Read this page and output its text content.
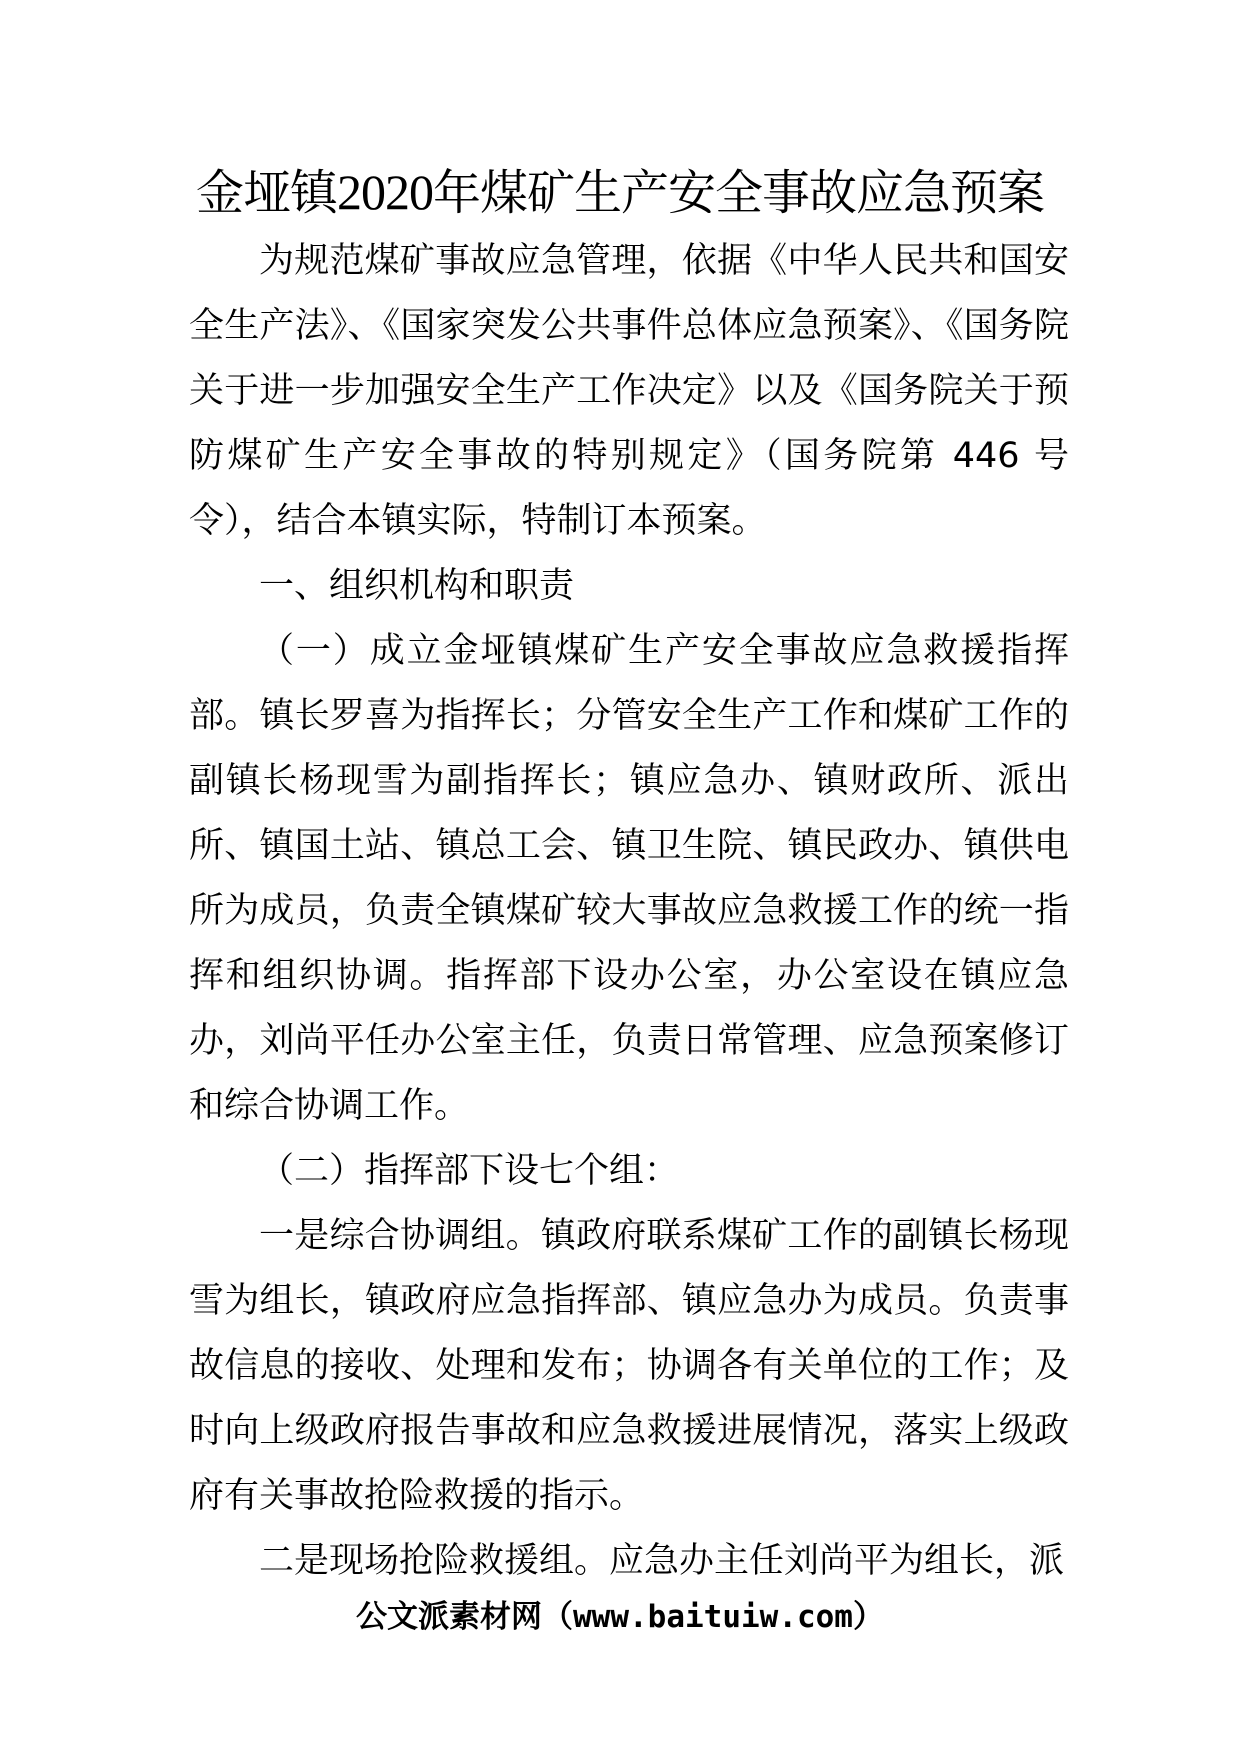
金垭镇2020年煤矿生产安全事故应急预案

为规范煤矿事故应急管理，依据《中华人民共和国安全生产法》、《国家突发公共事件总体应急预案》、《国务院关于进一步加强安全生产工作决定》以及《国务院关于预防煤矿生产安全事故的特别规定》（国务院第 446 号令），结合本镇实际，特制订本预案。

一、组织机构和职责

（一）成立金垭镇煤矿生产安全事故应急救援指挥部。镇长罗喜为指挥长；分管安全生产工作和煤矿工作的副镇长杨现雪为副指挥长；镇应急办、镇财政所、派出所、镇国土站、镇总工会、镇卫生院、镇民政办、镇供电所为成员，负责全镇煤矿较大事故应急救援工作的统一指挥和组织协调。指挥部下设办公室，办公室设在镇应急办，刘尚平任办公室主任，负责日常管理、应急预案修订和综合协调工作。

（二）指挥部下设七个组：

一是综合协调组。镇政府联系煤矿工作的副镇长杨现雪为组长，镇政府应急指挥部、镇应急办为成员。负责事故信息的接收、处理和发布；协调各有关单位的工作；及时向上级政府报告事故和应急救援进展情况，落实上级政府有关事故抢险救援的指示。

二是现场抢险救援组。应急办主任刘尚平为组长，派

公文派素材网（www.baituiw.com）
